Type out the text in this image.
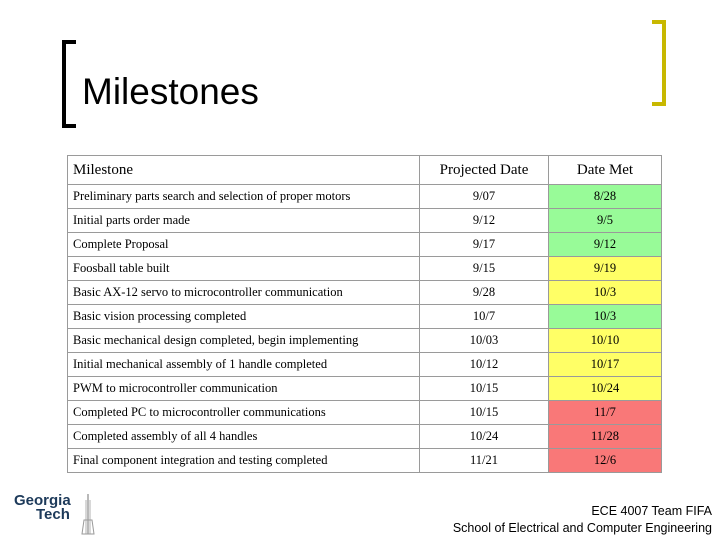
Milestones
Milestone	Projected Date	Date Met
Preliminary parts search and selection of proper motors	9/07	8/28
Initial parts order made	9/12	9/5
Complete Proposal	9/17	9/12
Foosball table built	9/15	9/19
Basic AX-12 servo to microcontroller communication	9/28	10/3
Basic vision processing completed	10/7	10/3
Basic mechanical design completed, begin implementing	10/03	10/10
Initial mechanical assembly of 1 handle completed	10/12	10/17
PWM to microcontroller communication	10/15	10/24
Completed PC to microcontroller communications	10/15	11/7
Completed assembly of all 4 handles	10/24	11/28
Final component integration and testing completed	11/21	12/6
Georgia
Tech	ECE 4007 Team FIFA
School of Electrical and Computer Engineering
